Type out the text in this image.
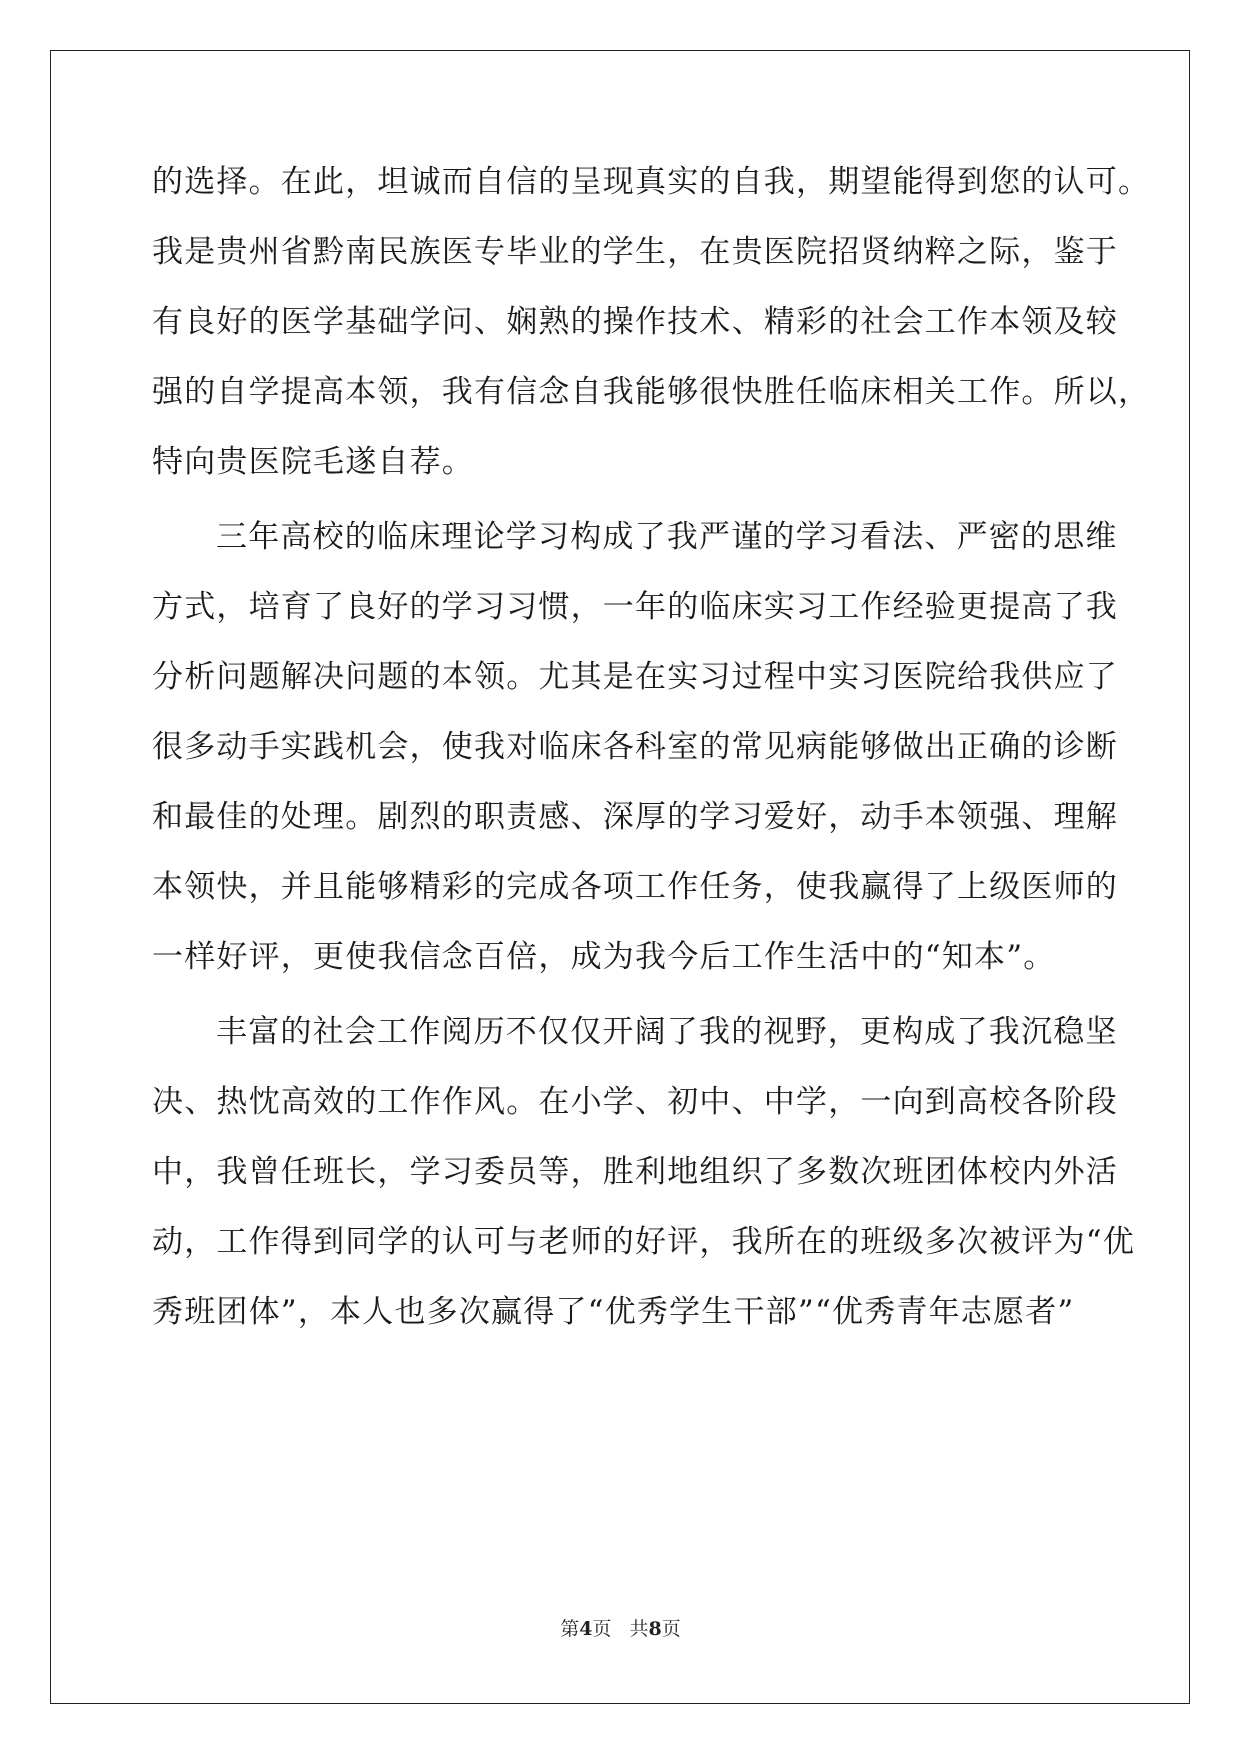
的选择。在此，坦诚而自信的呈现真实的自我，期望能得到您的认可。
我是贵州省黔南民族医专毕业的学生，在贵医院招贤纳粹之际，鉴于
有良好的医学基础学问、娴熟的操作技术、精彩的社会工作本领及较
强的自学提高本领，我有信念自我能够很快胜任临床相关工作。所以，
特向贵医院毛遂自荐。
三年高校的临床理论学习构成了我严谨的学习看法、严密的思维
方式，培育了良好的学习习惯，一年的临床实习工作经验更提高了我
分析问题解决问题的本领。尤其是在实习过程中实习医院给我供应了
很多动手实践机会，使我对临床各科室的常见病能够做出正确的诊断
和最佳的处理。剧烈的职责感、深厚的学习爱好，动手本领强、理解
本领快，并且能够精彩的完成各项工作任务，使我赢得了上级医师的
一样好评，更使我信念百倍，成为我今后工作生活中的“知本”。
丰富的社会工作阅历不仅仅开阔了我的视野，更构成了我沉稳坚
决、热忱高效的工作作风。在小学、初中、中学，一向到高校各阶段
中，我曾任班长，学习委员等，胜利地组织了多数次班团体校内外活
动，工作得到同学的认可与老师的好评，我所在的班级多次被评为“优
秀班团体”，本人也多次赢得了“优秀学生干部”“优秀青年志愿者”
第4页 共8页
